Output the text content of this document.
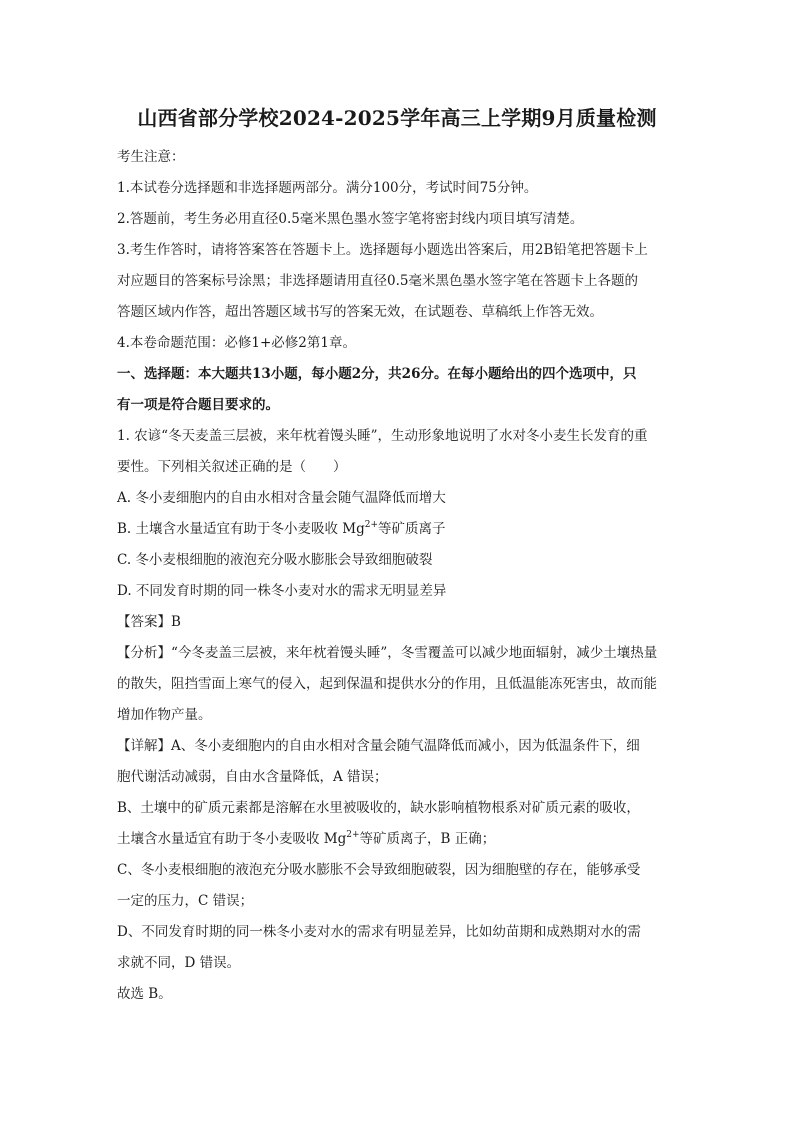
山西省部分学校2024-2025学年高三上学期9月质量检测

考生注意：

1.本试卷分选择题和非选择题两部分。满分100分，考试时间75分钟。

2.答题前，考生务必用直径0.5毫米黑色墨水签字笔将密封线内项目填写清楚。

3.考生作答时，请将答案答在答题卡上。选择题每小题选出答案后，用2B铅笔把答题卡上

对应题目的答案标号涂黑；非选择题请用直径0.5毫米黑色墨水签字笔在答题卡上各题的

答题区域内作答，超出答题区域书写的答案无效，在试题卷、草稿纸上作答无效。

4.本卷命题范围：必修1+必修2第1章。

一、选择题：本大题共13小题，每小题2分，共26分。在每小题给出的四个选项中，只

有一项是符合题目要求的。

1. 农谚“冬天麦盖三层被，来年枕着馒头睡”，生动形象地说明了水对冬小麦生长发育的重

要性。下列相关叙述正确的是（　　）

A. 冬小麦细胞内的自由水相对含量会随气温降低而增大

B. 土壤含水量适宜有助于冬小麦吸收 $Mg^{2+}$等矿质离子

C. 冬小麦根细胞的液泡充分吸水膨胀会导致细胞破裂

D. 不同发育时期的同一株冬小麦对水的需求无明显差异

【答案】B

【分析】“今冬麦盖三层被，来年枕着馒头睡”，冬雪覆盖可以减少地面辐射，减少土壤热量

的散失，阻挡雪面上寒气的侵入，起到保温和提供水分的作用，且低温能冻死害虫，故而能

增加作物产量。

【详解】A、冬小麦细胞内的自由水相对含量会随气温降低而减小，因为低温条件下，细

胞代谢活动减弱，自由水含量降低，A 错误；

B、土壤中的矿质元素都是溶解在水里被吸收的，缺水影响植物根系对矿质元素的吸收，

土壤含水量适宜有助于冬小麦吸收 $Mg^{2+}$等矿质离子，B 正确；

C、冬小麦根细胞的液泡充分吸水膨胀不会导致细胞破裂，因为细胞壁的存在，能够承受

一定的压力，C 错误；

D、不同发育时期的同一株冬小麦对水的需求有明显差异，比如幼苗期和成熟期对水的需

求就不同，D 错误。

故选 B。
